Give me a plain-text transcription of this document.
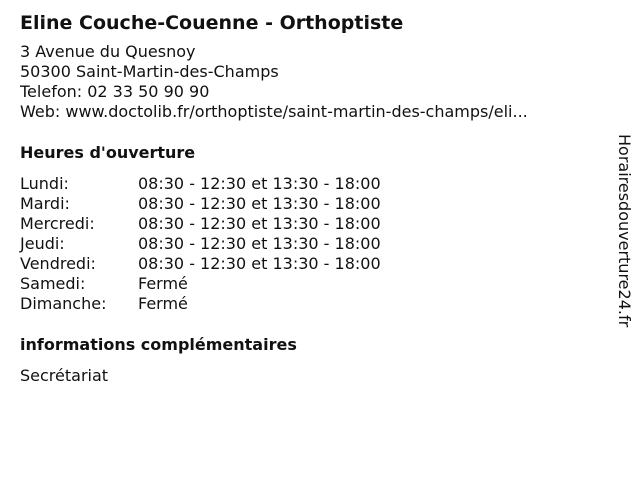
Eline Couche-Couenne - Orthoptiste
3 Avenue du Quesnoy
50300 Saint-Martin-des-Champs
Telefon: 02 33 50 90 90
Web: www.doctolib.fr/orthoptiste/saint-martin-des-champs/eli...
Heures d'ouverture
Lundi:	08:30 - 12:30 et 13:30 - 18:00
Mardi:	08:30 - 12:30 et 13:30 - 18:00
Mercredi:	08:30 - 12:30 et 13:30 - 18:00
Jeudi:	08:30 - 12:30 et 13:30 - 18:00
Vendredi:	08:30 - 12:30 et 13:30 - 18:00
Samedi:	Fermé
Dimanche:	Fermé
informations complémentaires
Secrétariat
Horairesdouverture24.fr
